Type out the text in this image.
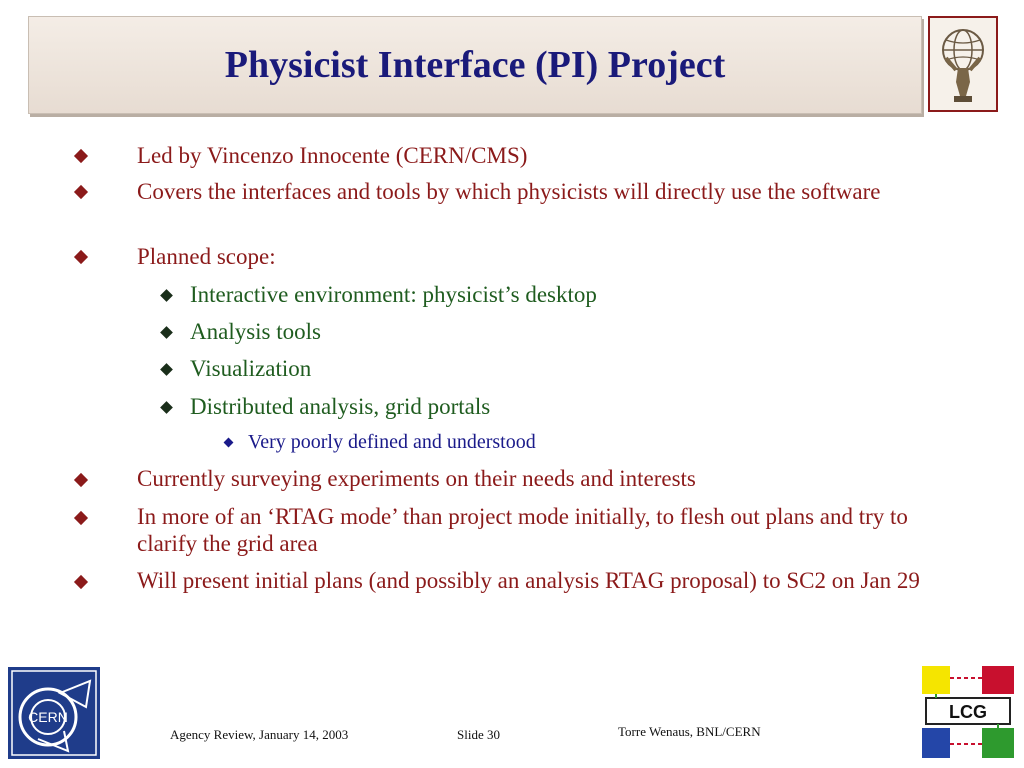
Physicist Interface (PI) Project
Led by Vincenzo Innocente (CERN/CMS)
Covers the interfaces and tools by which physicists will directly use the software
Planned scope:
Interactive environment: physicist’s desktop
Analysis tools
Visualization
Distributed analysis, grid portals
Very poorly defined and understood
Currently surveying experiments on their needs and interests
In more of an ‘RTAG mode’ than project mode initially, to flesh out plans and try to clarify the grid area
Will present initial plans (and possibly an analysis RTAG proposal) to SC2 on Jan 29
CERN
Agency Review, January 14, 2003	Slide 30	Torre Wenaus, BNL/CERN
LCG
